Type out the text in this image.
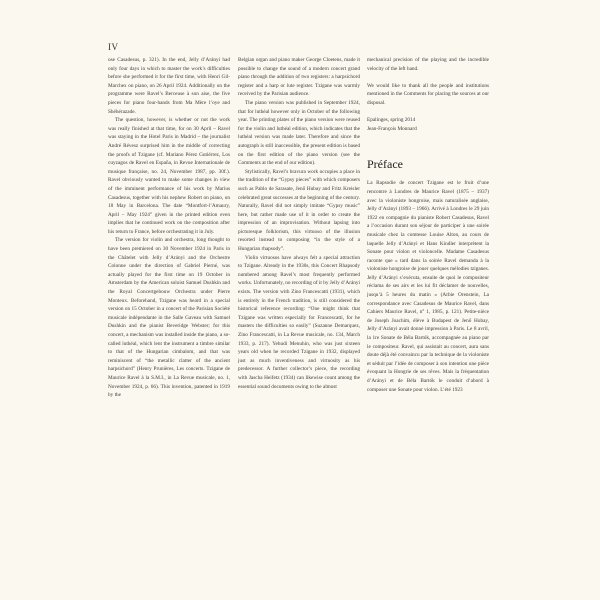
IV

ose Casadesus, p. 321). In the end, Jelly d’Arányi had only four days in which to master the work’s difficulties before she performed it for the first time, with Henri Gil-Marchex on piano, on 26 April 1924. Additionally on the programme were Ravel’s Berceuse à son aise, the five pieces for piano four-hands from Ma Mère l’oye and Shéhérazade.

The question, however, is whether or not the work was really finished at that time, for on 30 April – Ravel was staying in the Hotel Paris in Madrid – the journalist André Révesz surprised him in the middle of correcting the proofs of Tzigane (cf. Mariano Pérez Gutiérrez, Los cuyzagos de Ravel en España, in Revue Internationale de musique française, no. 24, November 1987, pp. 30f.). Ravel obviously wanted to make some changes in view of the imminent performance of his work by Marius Casadesus, together with his nephew Robert on piano, on 18 May in Barcelona. The date “Montfort-l’Amaury, April – May 1924” given in the printed edition even implies that he continued work on the composition after his return to France, before orchestrating it in July.

The version for violin and orchestra, long thought to have been premiered on 30 November 1924 in Paris in the Châtelet with Jelly d’Arányi and the Orchestre Colonne under the direction of Gabriel Pierné, was actually played for the first time on 19 October in Amsterdam by the American soloist Samuel Dushkin and the Royal Concertgebouw Orchestra under Pierre Monteux. Beforehand, Tzigane was heard in a special version on 15 October in a concert of the Parisian Société musicale indépendante in the Salle Gaveau with Samuel Dushkin and the pianist Beveridge Webster; for this concert, a mechanism was installed inside the piano, a so-called luthéal, which lent the instrument a timbre similar to that of the Hungarian cimbalom, and that was reminiscent of “the metallic clatter of the ancient harpsichord” (Henry Prunières, Les concerts. Tzigane de Maurice Ravel à la S.M.I., in La Revue musicale, no. 1, November 1924, p. 66). This invention, patented in 1919 by the

Belgian organ and piano maker George Cloetens, made it possible to change the sound of a modern concert grand piano through the addition of two registers: a harpsichord register and a harp or lute register. Tzigane was warmly received by the Parisian audience.

The piano version was published in September 1924, that for luthéal however only in October of the following year. The printing plates of the piano version were reused for the violin and luthéal edition, which indicates that the luthéal version was made later. Therefore and since the autograph is still inaccessible, the present edition is based on the first edition of the piano version (see the Comments at the end of our edition).

Stylistically, Ravel’s bravura work occupies a place in the tradition of the “Gypsy pieces” with which composers such as Pablo de Sarasate, Jenő Hubay and Fritz Kreisler celebrated great successes at the beginning of the century. Naturally, Ravel did not simply imitate “Gypsy music” here, but rather made use of it in order to create the impression of an improvisation. Without lapsing into picturesque folklorism, this virtuoso of the illusion resorted instead to composing “in the style of a Hungarian rhapsody”.

Violin virtuosos have always felt a special attraction to Tzigane. Already in the 1930s, this Concert Rhapsody numbered among Ravel’s most frequently performed works. Unfortunately, no recording of it by Jelly d’Arányi exists. The version with Zino Francescatti (1931), which is entirely in the French tradition, is still considered the historical reference recording: “One might think that Tzigane was written especially for Francescatti, for he masters the difficulties so easily” (Suzanne Demarquez, Zino Francescatti, in La Revue musicale, no. 134, March 1933, p. 217). Yehudi Menuhin, who was just sixteen years old when he recorded Tzigane in 1932, displayed just as much inventiveness and virtuosity as his predecessor. A further collector’s piece, the recording with Jascha Heifetz (1934) can likewise count among the essential sound documents owing to the almost

mechanical precision of the playing and the incredible velocity of the left hand.

We would like to thank all the people and institutions mentioned in the Comments for placing the sources at our disposal.

Epalinges, spring 2014
Jean-François Monnard

Préface

La Rapsodie de concert Tzigane est le fruit d’une rencontre à Londres de Maurice Ravel (1875 – 1937) avec la violoniste hongroise, mais naturalisée anglaise, Jelly d’Arányi (1893 – 1966). Arrivé à Londres le 29 juin 1922 en compagnie du pianiste Robert Casadesus, Ravel a l’occasion durant son séjour de participer à une soirée musicale chez la comtesse Louise Alton, au cours de laquelle Jelly d’Arányi et Hans Kindler interprètent la Sonate pour violon et violoncelle. Madame Casadesus raconte que « tard dans la soirée Ravel demanda à la violoniste hongroise de jouer quelques mélodies tziganes. Jelly d’Arányi s’exécuta, ensuite de quoi le compositeur réclama de ses airs et les lui fit déclamer de nouvelles, jusqu’à 5 heures du matin » (Arbie Orenstein, La correspondance avec Casadesus de Maurice Ravel, dans Cahiers Maurice Ravel, n° 1, 1985, p. 121). Petite-nièce de Joseph Joachim, élève à Budapest de Jenő Hubay, Jelly d’Arányi avait donné impression à Paris. Le 8 avril, la 1re Sonate de Béla Bartók, accompagnée au piano par le compositeur. Ravel, qui assistait au concert, aura sans doute déjà été convaincu par la technique de la violoniste et séduit par l’idée de composer à son intention une pièce évoquant la Hongrie de ses rêves. Mais la fréquentation d’Arányi et de Béla Bartók le conduit d’abord à composer une Sonate pour violon. L’été 1923
